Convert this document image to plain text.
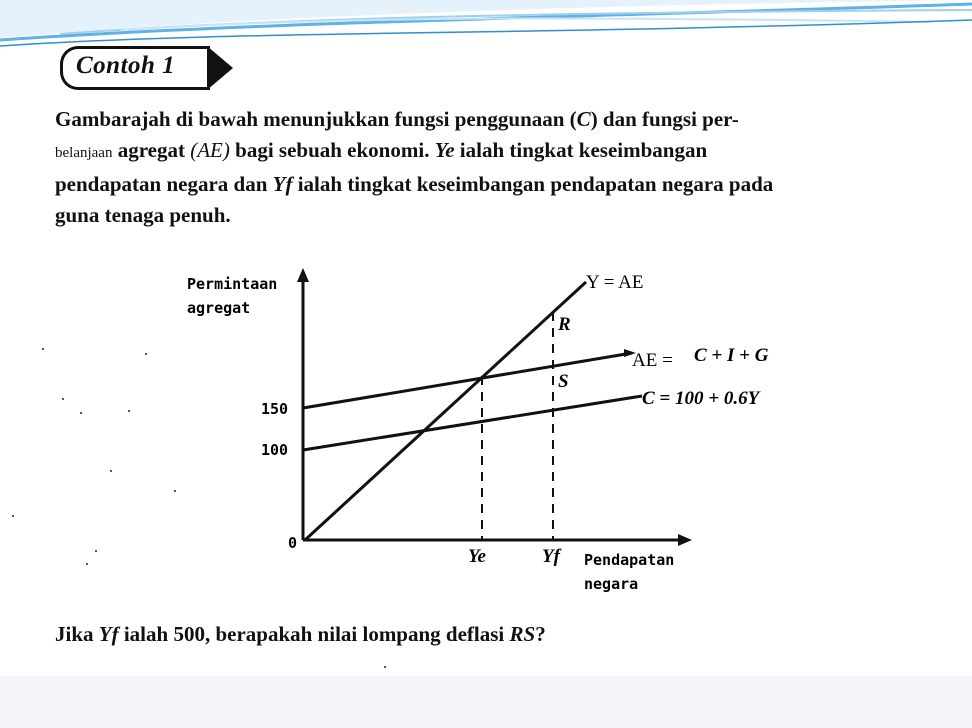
Contoh 1
Gambarajah di bawah menunjukkan fungsi penggunaan (C) dan fungsi per-
belanjaan agregat (AE) bagi sebuah ekonomi. Ye ialah tingkat keseimbangan
pendapatan negara dan Yf ialah tingkat keseimbangan pendapatan negara pada
guna tenaga penuh.
Permintaan
agregat
150
100
0
Y = AE
AE = C + I + G
C = 100 + 0.6Y
R
S
Ye	Yf Pendapatan
negara
Jika Yf ialah 500, berapakah nilai lompang deflasi RS?
